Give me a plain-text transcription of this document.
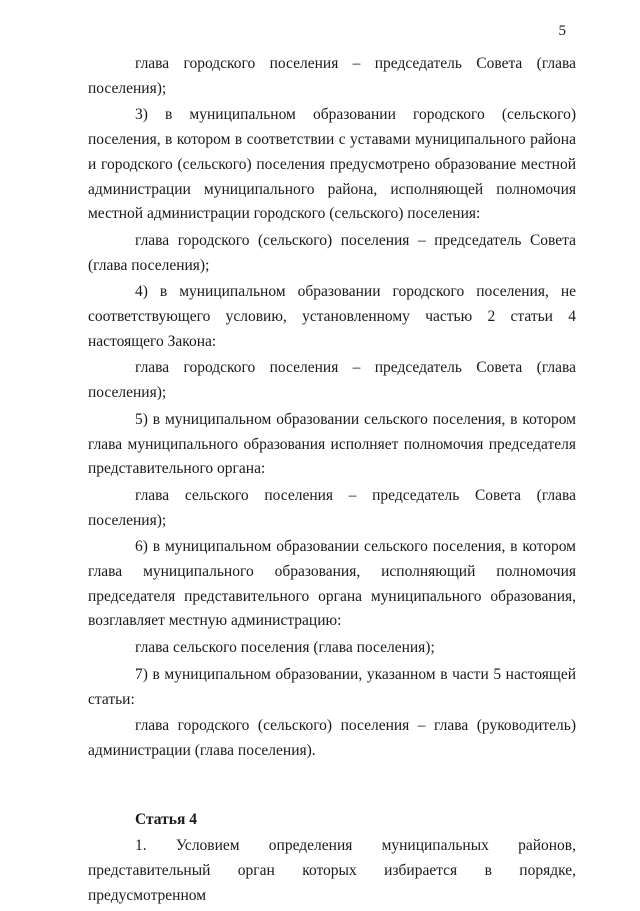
5

глава городского поселения – председатель Совета (глава поселения);

3) в муниципальном образовании городского (сельского) поселения, в котором в соответствии с уставами муниципального района и городского (сельского) поселения предусмотрено образование местной администрации муниципального района, исполняющей полномочия местной администрации городского (сельского) поселения:

глава городского (сельского) поселения – председатель Совета (глава поселения);

4) в муниципальном образовании городского поселения, не соответствующего условию, установленному частью 2 статьи 4 настоящего Закона:

глава городского поселения – председатель Совета (глава поселения);

5) в муниципальном образовании сельского поселения, в котором глава муниципального образования исполняет полномочия председателя представительного органа:

глава сельского поселения – председатель Совета (глава поселения);

6) в муниципальном образовании сельского поселения, в котором глава муниципального образования, исполняющий полномочия председателя представительного органа муниципального образования, возглавляет местную администрацию:

глава сельского поселения (глава поселения);

7) в муниципальном образовании, указанном в части 5 настоящей статьи:

глава городского (сельского) поселения – глава (руководитель) администрации (глава поселения).

Статья 4

1. Условием определения муниципальных районов, представительный орган которых избирается в порядке, предусмотренном
